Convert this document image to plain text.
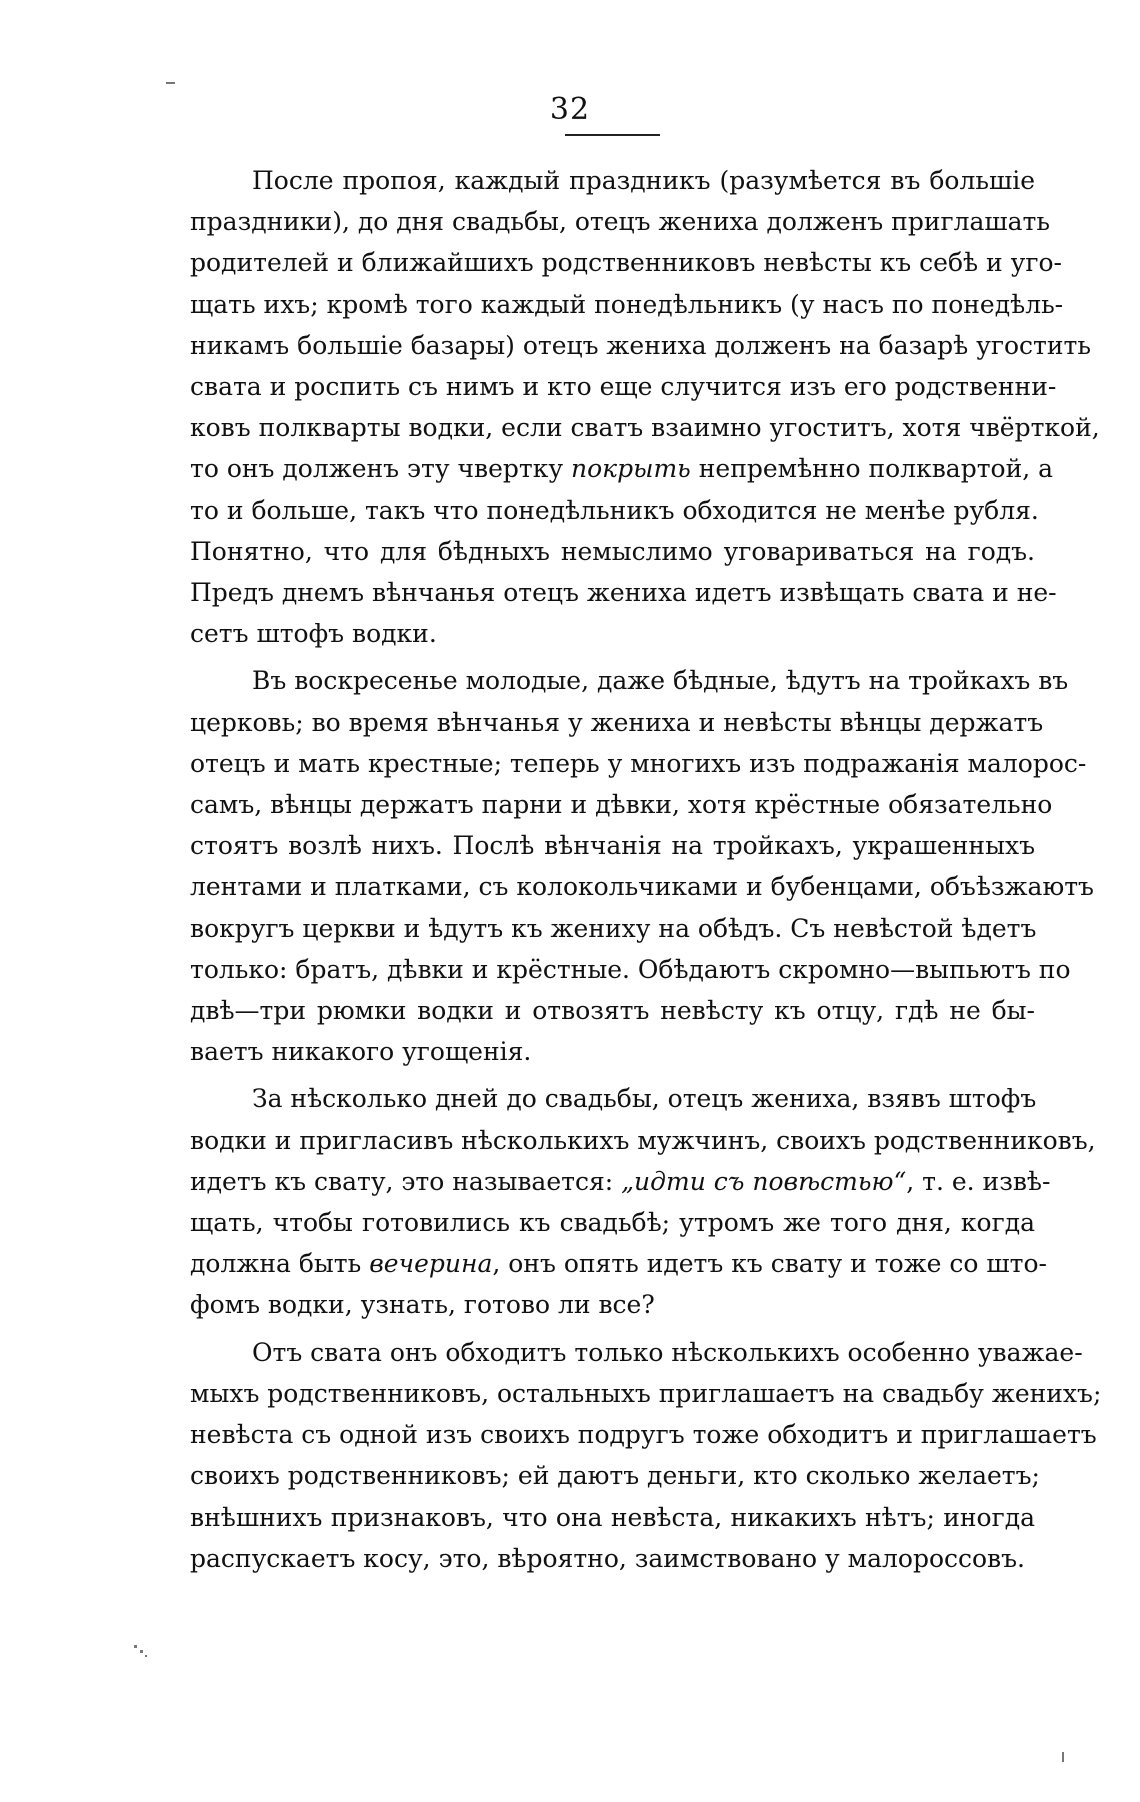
32
После пропоя, каждый праздникъ (разумѣется въ большіе
праздники), до дня свадьбы, отецъ жениха долженъ приглашать
родителей и ближайшихъ родственниковъ невѣсты къ себѣ и уго-
щать ихъ; кромѣ того каждый понедѣльникъ (у насъ по понедѣль-
никамъ большіе базары) отецъ жениха долженъ на базарѣ угостить
свата и роспить съ нимъ и кто еще случится изъ его родственни-
ковъ полкварты водки, если сватъ взаимно угоститъ, хотя чвёрткой,
то онъ долженъ эту чвертку покрыть непремѣнно полквартой, а
то и больше, такъ что понедѣльникъ обходится не менѣе рубля.
Понятно, что для бѣдныхъ немыслимо уговариваться на годъ.
Предъ днемъ вѣнчанья отецъ жениха идетъ извѣщать свата и не-
сетъ штофъ водки.
Въ воскресенье молодые, даже бѣдные, ѣдутъ на тройкахъ въ
церковь; во время вѣнчанья у жениха и невѣсты вѣнцы держатъ
отецъ и мать крестные; теперь у многихъ изъ подражанія малорос-
самъ, вѣнцы держатъ парни и дѣвки, хотя крёстные обязательно
стоятъ возлѣ нихъ. Послѣ вѣнчанія на тройкахъ, украшенныхъ
лентами и платками, съ колокольчиками и бубенцами, объѣзжаютъ
вокругъ церкви и ѣдутъ къ жениху на обѣдъ. Съ невѣстой ѣдетъ
только: братъ, дѣвки и крёстные. Обѣдаютъ скромно—выпьютъ по
двѣ—три рюмки водки и отвозятъ невѣсту къ отцу, гдѣ не бы-
ваетъ никакого угощенія.
За нѣсколько дней до свадьбы, отецъ жениха, взявъ штофъ
водки и пригласивъ нѣсколькихъ мужчинъ, своихъ родственниковъ,
идетъ къ свату, это называется: „идти съ повѣстью“, т. е. извѣ-
щать, чтобы готовились къ свадьбѣ; утромъ же того дня, когда
должна быть вечерина, онъ опять идетъ къ свату и тоже со што-
фомъ водки, узнать, готово ли все?
Отъ свата онъ обходитъ только нѣсколькихъ особенно уважае-
мыхъ родственниковъ, остальныхъ приглашаетъ на свадьбу женихъ;
невѣста съ одной изъ своихъ подругъ тоже обходитъ и приглашаетъ
своихъ родственниковъ; ей даютъ деньги, кто сколько желаетъ;
внѣшнихъ признаковъ, что она невѣста, никакихъ нѣтъ; иногда
распускаетъ косу, это, вѣроятно, заимствовано у малороссовъ.
